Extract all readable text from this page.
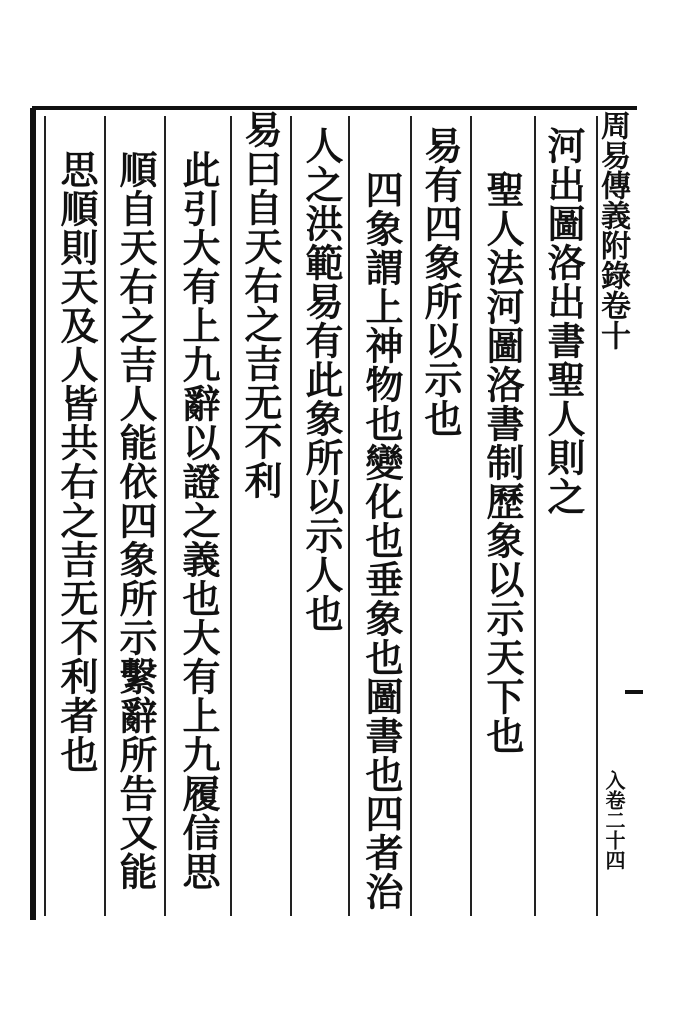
周易傳義附錄卷十
入卷二十四
河出圖洛出書聖人則之
聖人法河圖洛書制歷象以示天下也
易有四象所以示也
四象謂上神物也變化也垂象也圖書也四者治
人之洪範易有此象所以示人也
易曰自天右之吉无不利
此引大有上九辭以證之義也大有上九履信思
順自天右之吉人能依四象所示繫辭所告又能
思順則天及人皆共右之吉无不利者也
